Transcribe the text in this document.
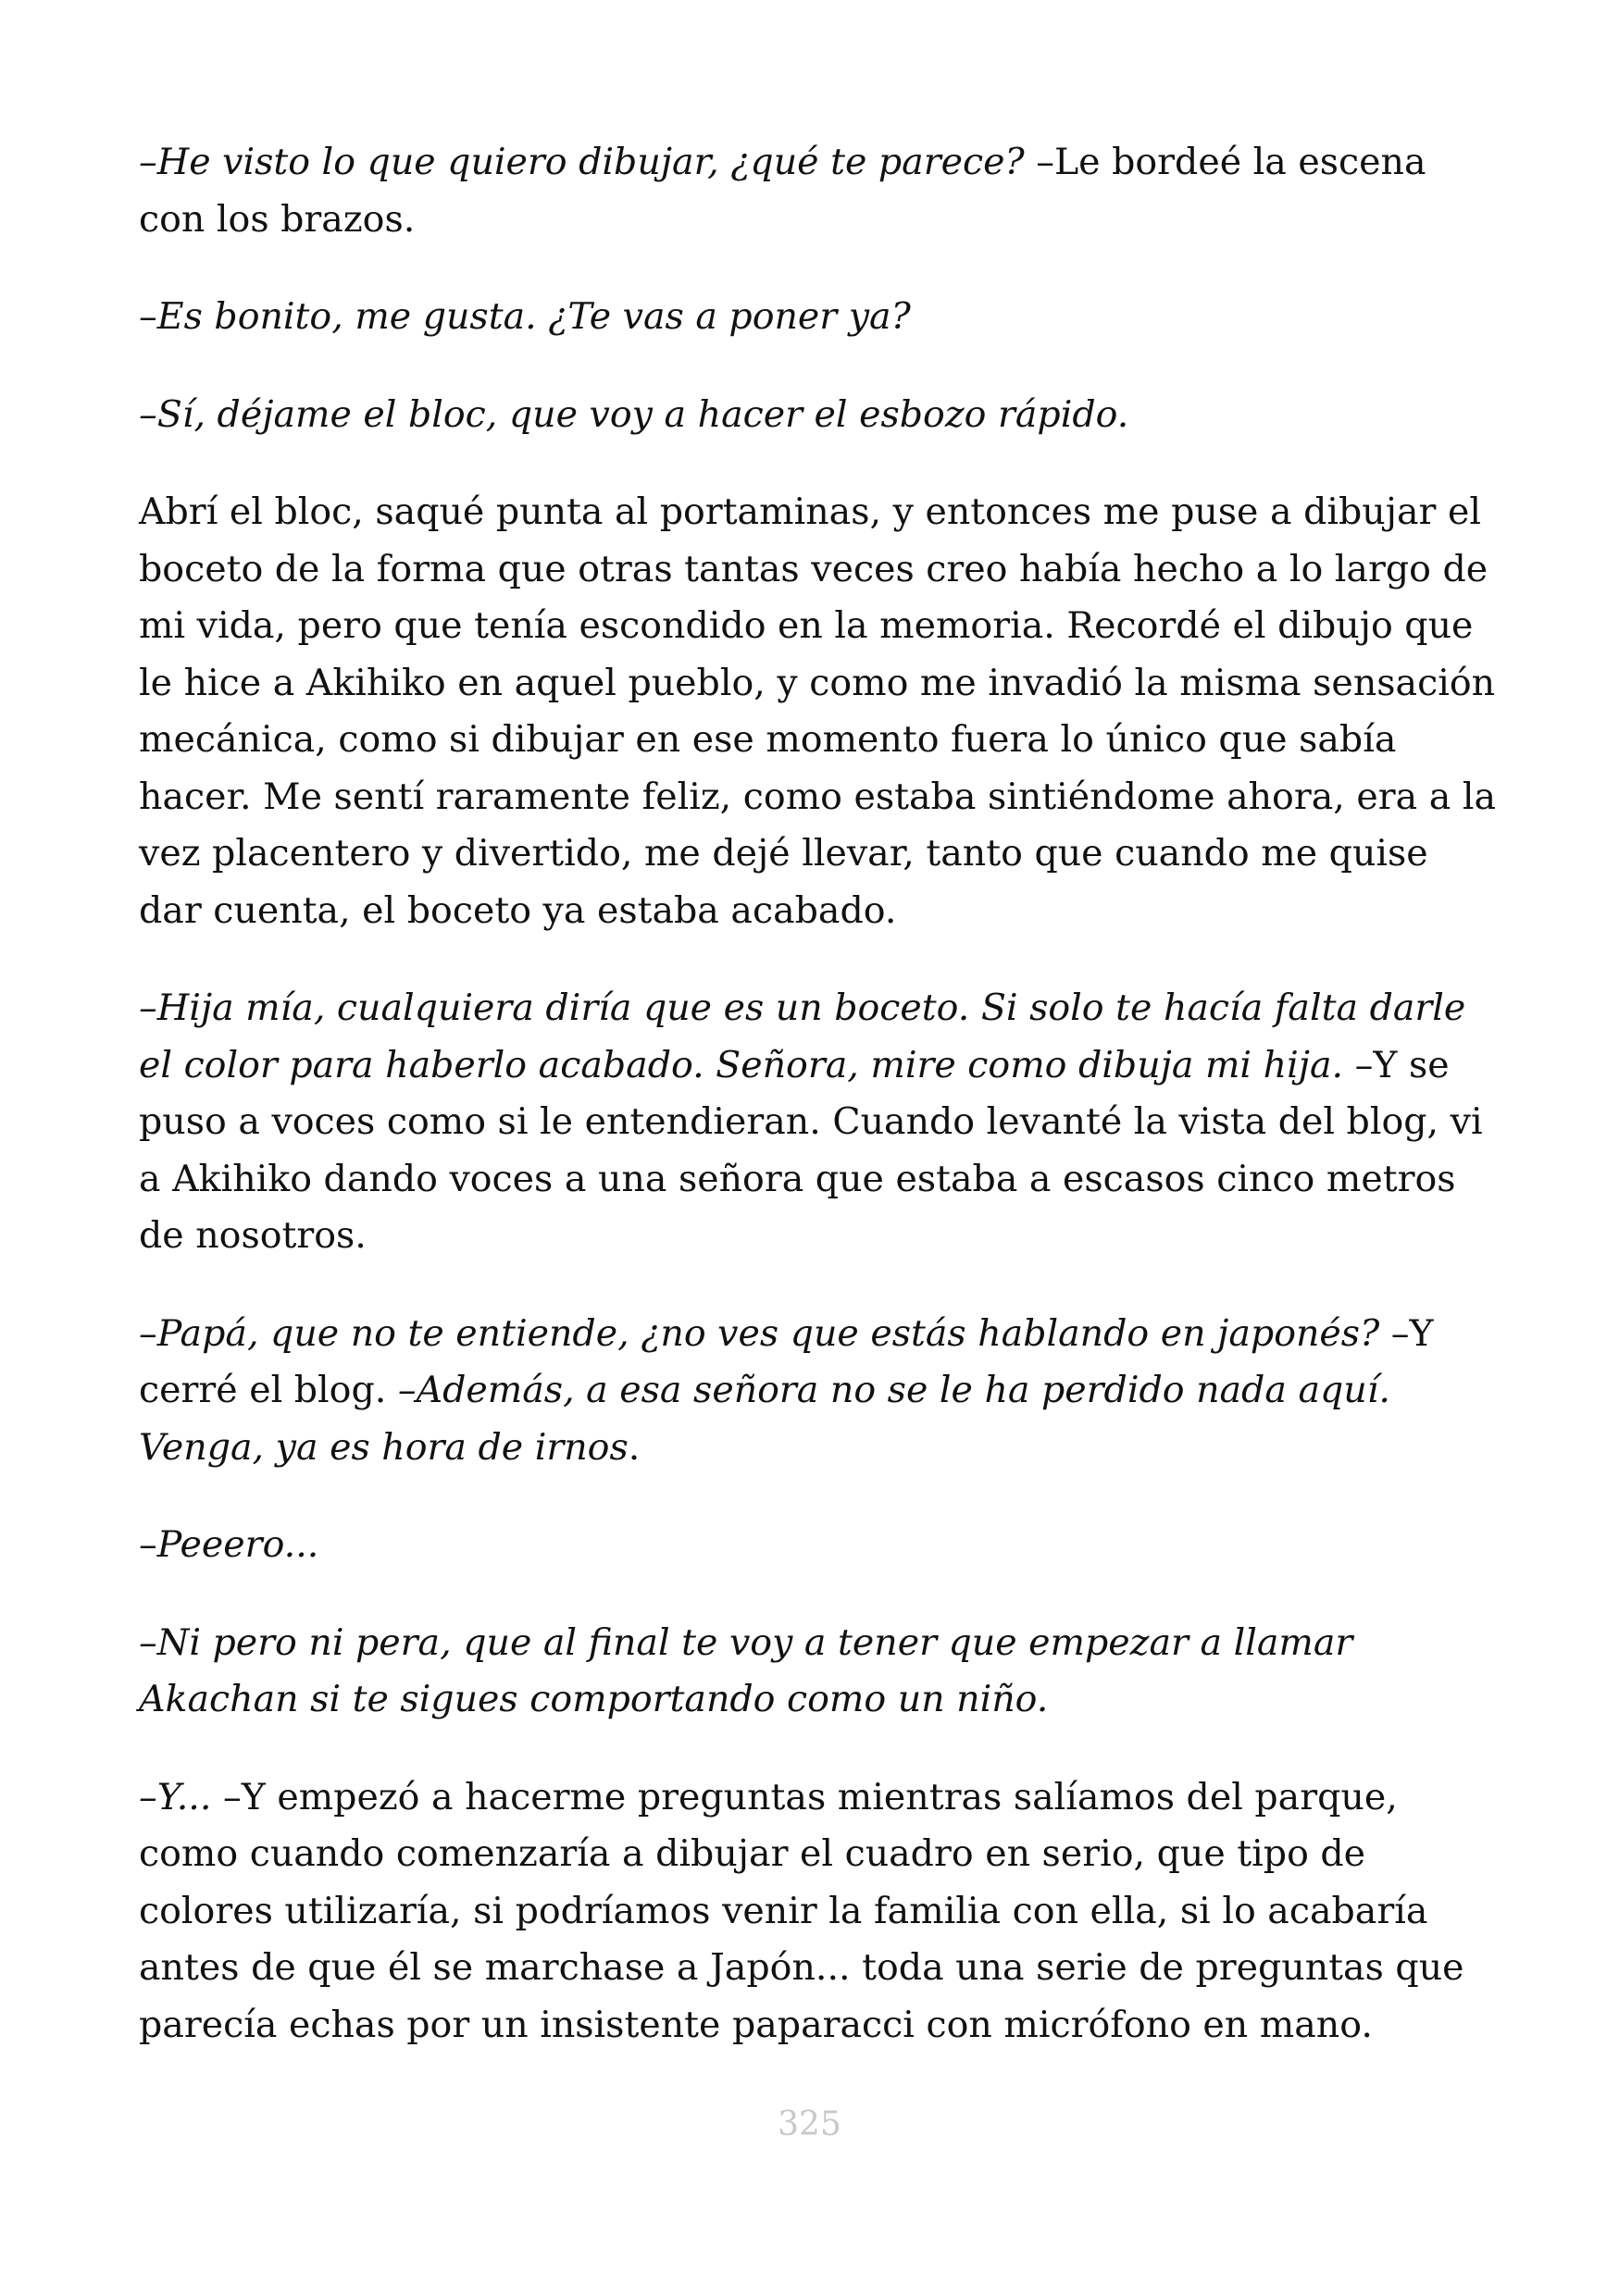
–He visto lo que quiero dibujar, ¿qué te parece? –Le bordeé la escena con los brazos.

–Es bonito, me gusta. ¿Te vas a poner ya?

–Sí, déjame el bloc, que voy a hacer el esbozo rápido.

Abrí el bloc, saqué punta al portaminas, y entonces me puse a dibujar el boceto de la forma que otras tantas veces creo había hecho a lo largo de mi vida, pero que tenía escondido en la memoria. Recordé el dibujo que le hice a Akihiko en aquel pueblo, y como me invadió la misma sensación mecánica, como si dibujar en ese momento fuera lo único que sabía hacer. Me sentí raramente feliz, como estaba sintiéndome ahora, era a la vez placentero y divertido, me dejé llevar, tanto que cuando me quise dar cuenta, el boceto ya estaba acabado.

–Hija mía, cualquiera diría que es un boceto. Si solo te hacía falta darle el color para haberlo acabado. Señora, mire como dibuja mi hija. –Y se puso a voces como si le entendieran. Cuando levanté la vista del blog, vi a Akihiko dando voces a una señora que estaba a escasos cinco metros de nosotros.

–Papá, que no te entiende, ¿no ves que estás hablando en japonés? –Y cerré el blog. –Además, a esa señora no se le ha perdido nada aquí. Venga, ya es hora de irnos.

–Peeero...

–Ni pero ni pera, que al final te voy a tener que empezar a llamar Akachan si te sigues comportando como un niño.

–Y... –Y empezó a hacerme preguntas mientras salíamos del parque, como cuando comenzaría a dibujar el cuadro en serio, que tipo de colores utilizaría, si podríamos venir la familia con ella, si lo acabaría antes de que él se marchase a Japón... toda una serie de preguntas que parecía echas por un insistente paparacci con micrófono en mano.

325
